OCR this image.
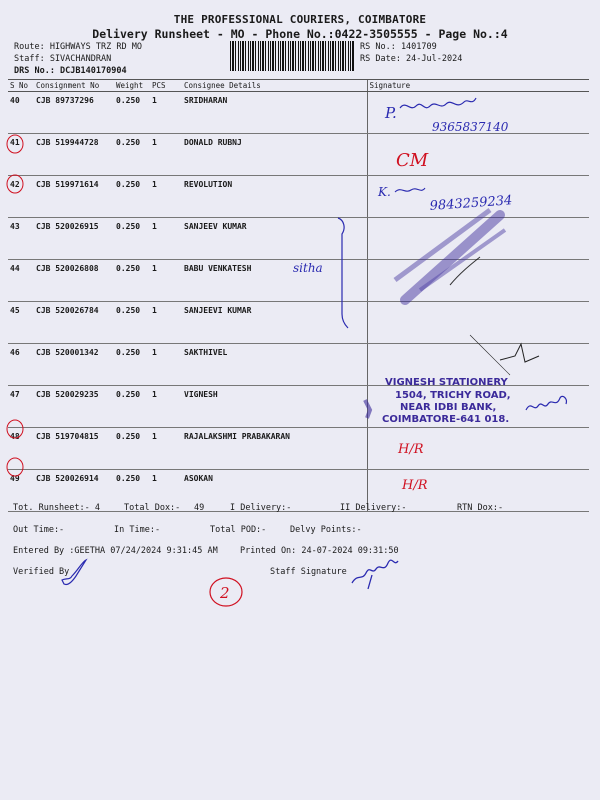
THE PROFESSIONAL COURIERS, COIMBATORE
Delivery Runsheet - MO - Phone No.:0422-3505555 - Page No.:4
Route: HIGHWAYS TRZ RD MO
Staff: SIVACHANDRAN
DRS No.: DCJB140170904
RS No.: 1401709
RS Date: 24-Jul-2024
S No	Consignment No	Weight	PCS	Consignee Details	Signature
40	CJB 89737296	0.250	1	SRIDHARAN	
41	CJB 519944728	0.250	1	DONALD RUBNJ	
42	CJB 519971614	0.250	1	REVOLUTION	
43	CJB 520026915	0.250	1	SANJEEV KUMAR	
44	CJB 520026808	0.250	1	BABU VENKATESH	
45	CJB 520026784	0.250	1	SANJEEVI KUMAR	
46	CJB 520001342	0.250	1	SAKTHIVEL	
47	CJB 520029235	0.250	1	VIGNESH	
48	CJB 519704815	0.250	1	RAJALAKSHMI PRABAKARAN	
49	CJB 520026914	0.250	1	ASOKAN	
Tot. Runsheet:- 4	Total Dox:- 49	I Delivery:-	II Delivery:-	RTN Dox:-
Out Time:-	In Time:-	Total POD:-	Delvy Points:-
Entered By :GEETHA 07/24/2024 9:31:45 AM	Printed On: 24-07-2024 09:31:50
Verified By	Staff Signature
P.
9365837140
CM
K.
9843259234
sitha
VIGNESH STATIONERY
1504, TRICHY ROAD,
NEAR IDBI BANK,
COIMBATORE-641 018.
H/R
H/R
2
